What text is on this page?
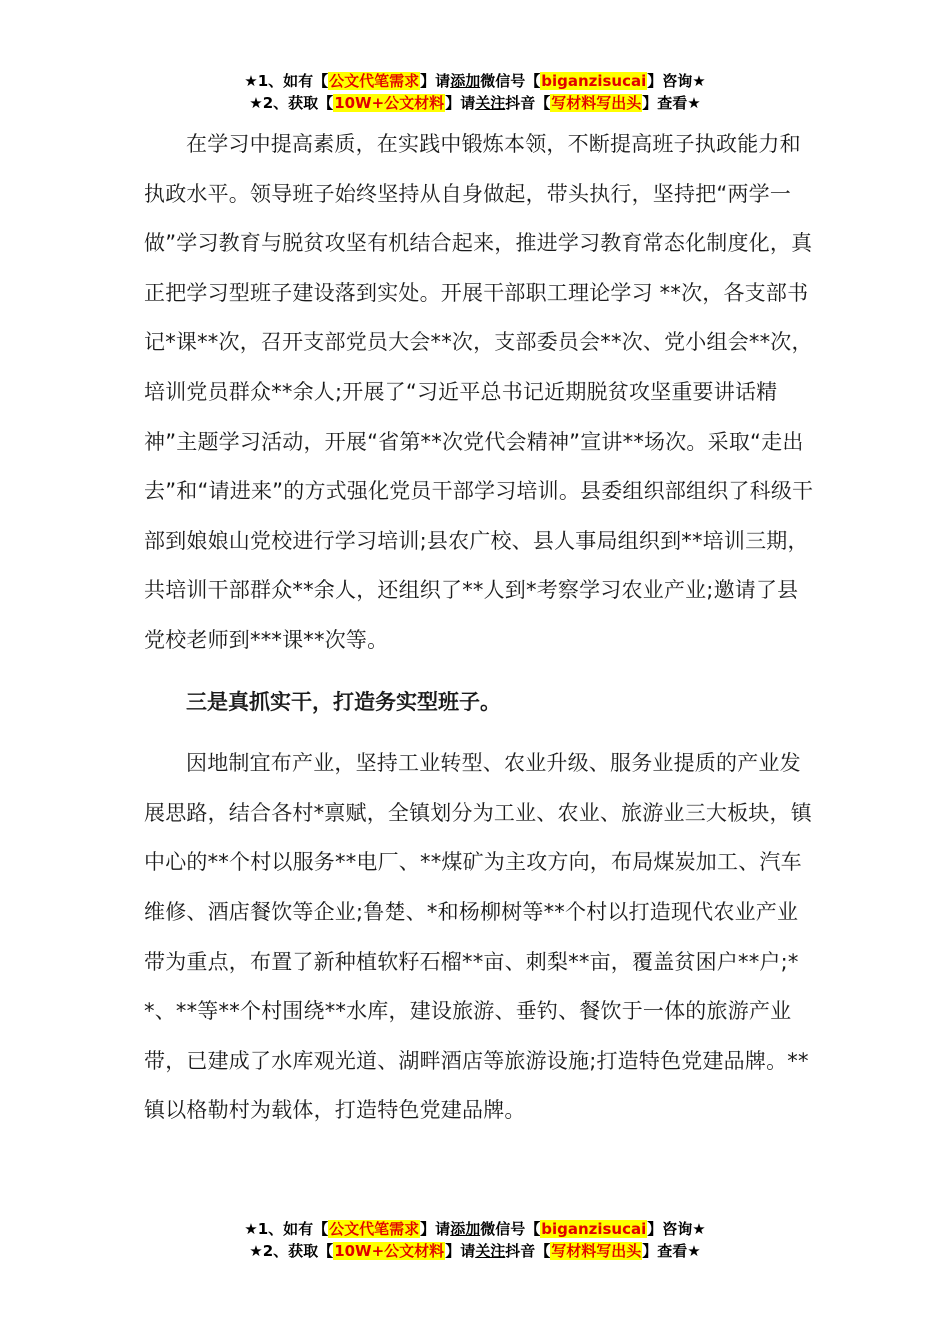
★1、如有【公文代笔需求】请添加微信号【biganzisucai】咨询★
★2、获取【10W+公文材料】请关注抖音【写材料写出头】查看★

在学习中提高素质，在实践中锻炼本领，不断提高班子执政能力和执政水平。领导班子始终坚持从自身做起，带头执行，坚持把“两学一做”学习教育与脱贫攻坚有机结合起来，推进学习教育常态化制度化，真正把学习型班子建设落到实处。开展干部职工理论学习 **次，各支部书记*课**次，召开支部党员大会**次，支部委员会**次、党小组会**次，培训党员群众**余人;开展了“习近平总书记近期脱贫攻坚重要讲话精神”主题学习活动，开展“省第**次党代会精神”宣讲**场次。采取“走出去”和“请进来”的方式强化党员干部学习培训。县委组织部组织了科级干部到娘娘山党校进行学习培训;县农广校、县人事局组织到**培训三期，共培训干部群众**余人，还组织了**人到*考察学习农业产业;邀请了县党校老师到***课**次等。

三是真抓实干，打造务实型班子。

因地制宜布产业，坚持工业转型、农业升级、服务业提质的产业发展思路，结合各村*禀赋，全镇划分为工业、农业、旅游业三大板块，镇中心的**个村以服务**电厂、**煤矿为主攻方向，布局煤炭加工、汽车维修、酒店餐饮等企业;鲁楚、*和杨柳树等**个村以打造现代农业产业带为重点，布置了新种植软籽石榴**亩、刺梨**亩，覆盖贫困户**户;**、**等**个村围绕**水库，建设旅游、垂钓、餐饮于一体的旅游产业带，已建成了水库观光道、湖畔酒店等旅游设施;打造特色党建品牌。**镇以格勒村为载体，打造特色党建品牌。

★1、如有【公文代笔需求】请添加微信号【biganzisucai】咨询★
★2、获取【10W+公文材料】请关注抖音【写材料写出头】查看★
